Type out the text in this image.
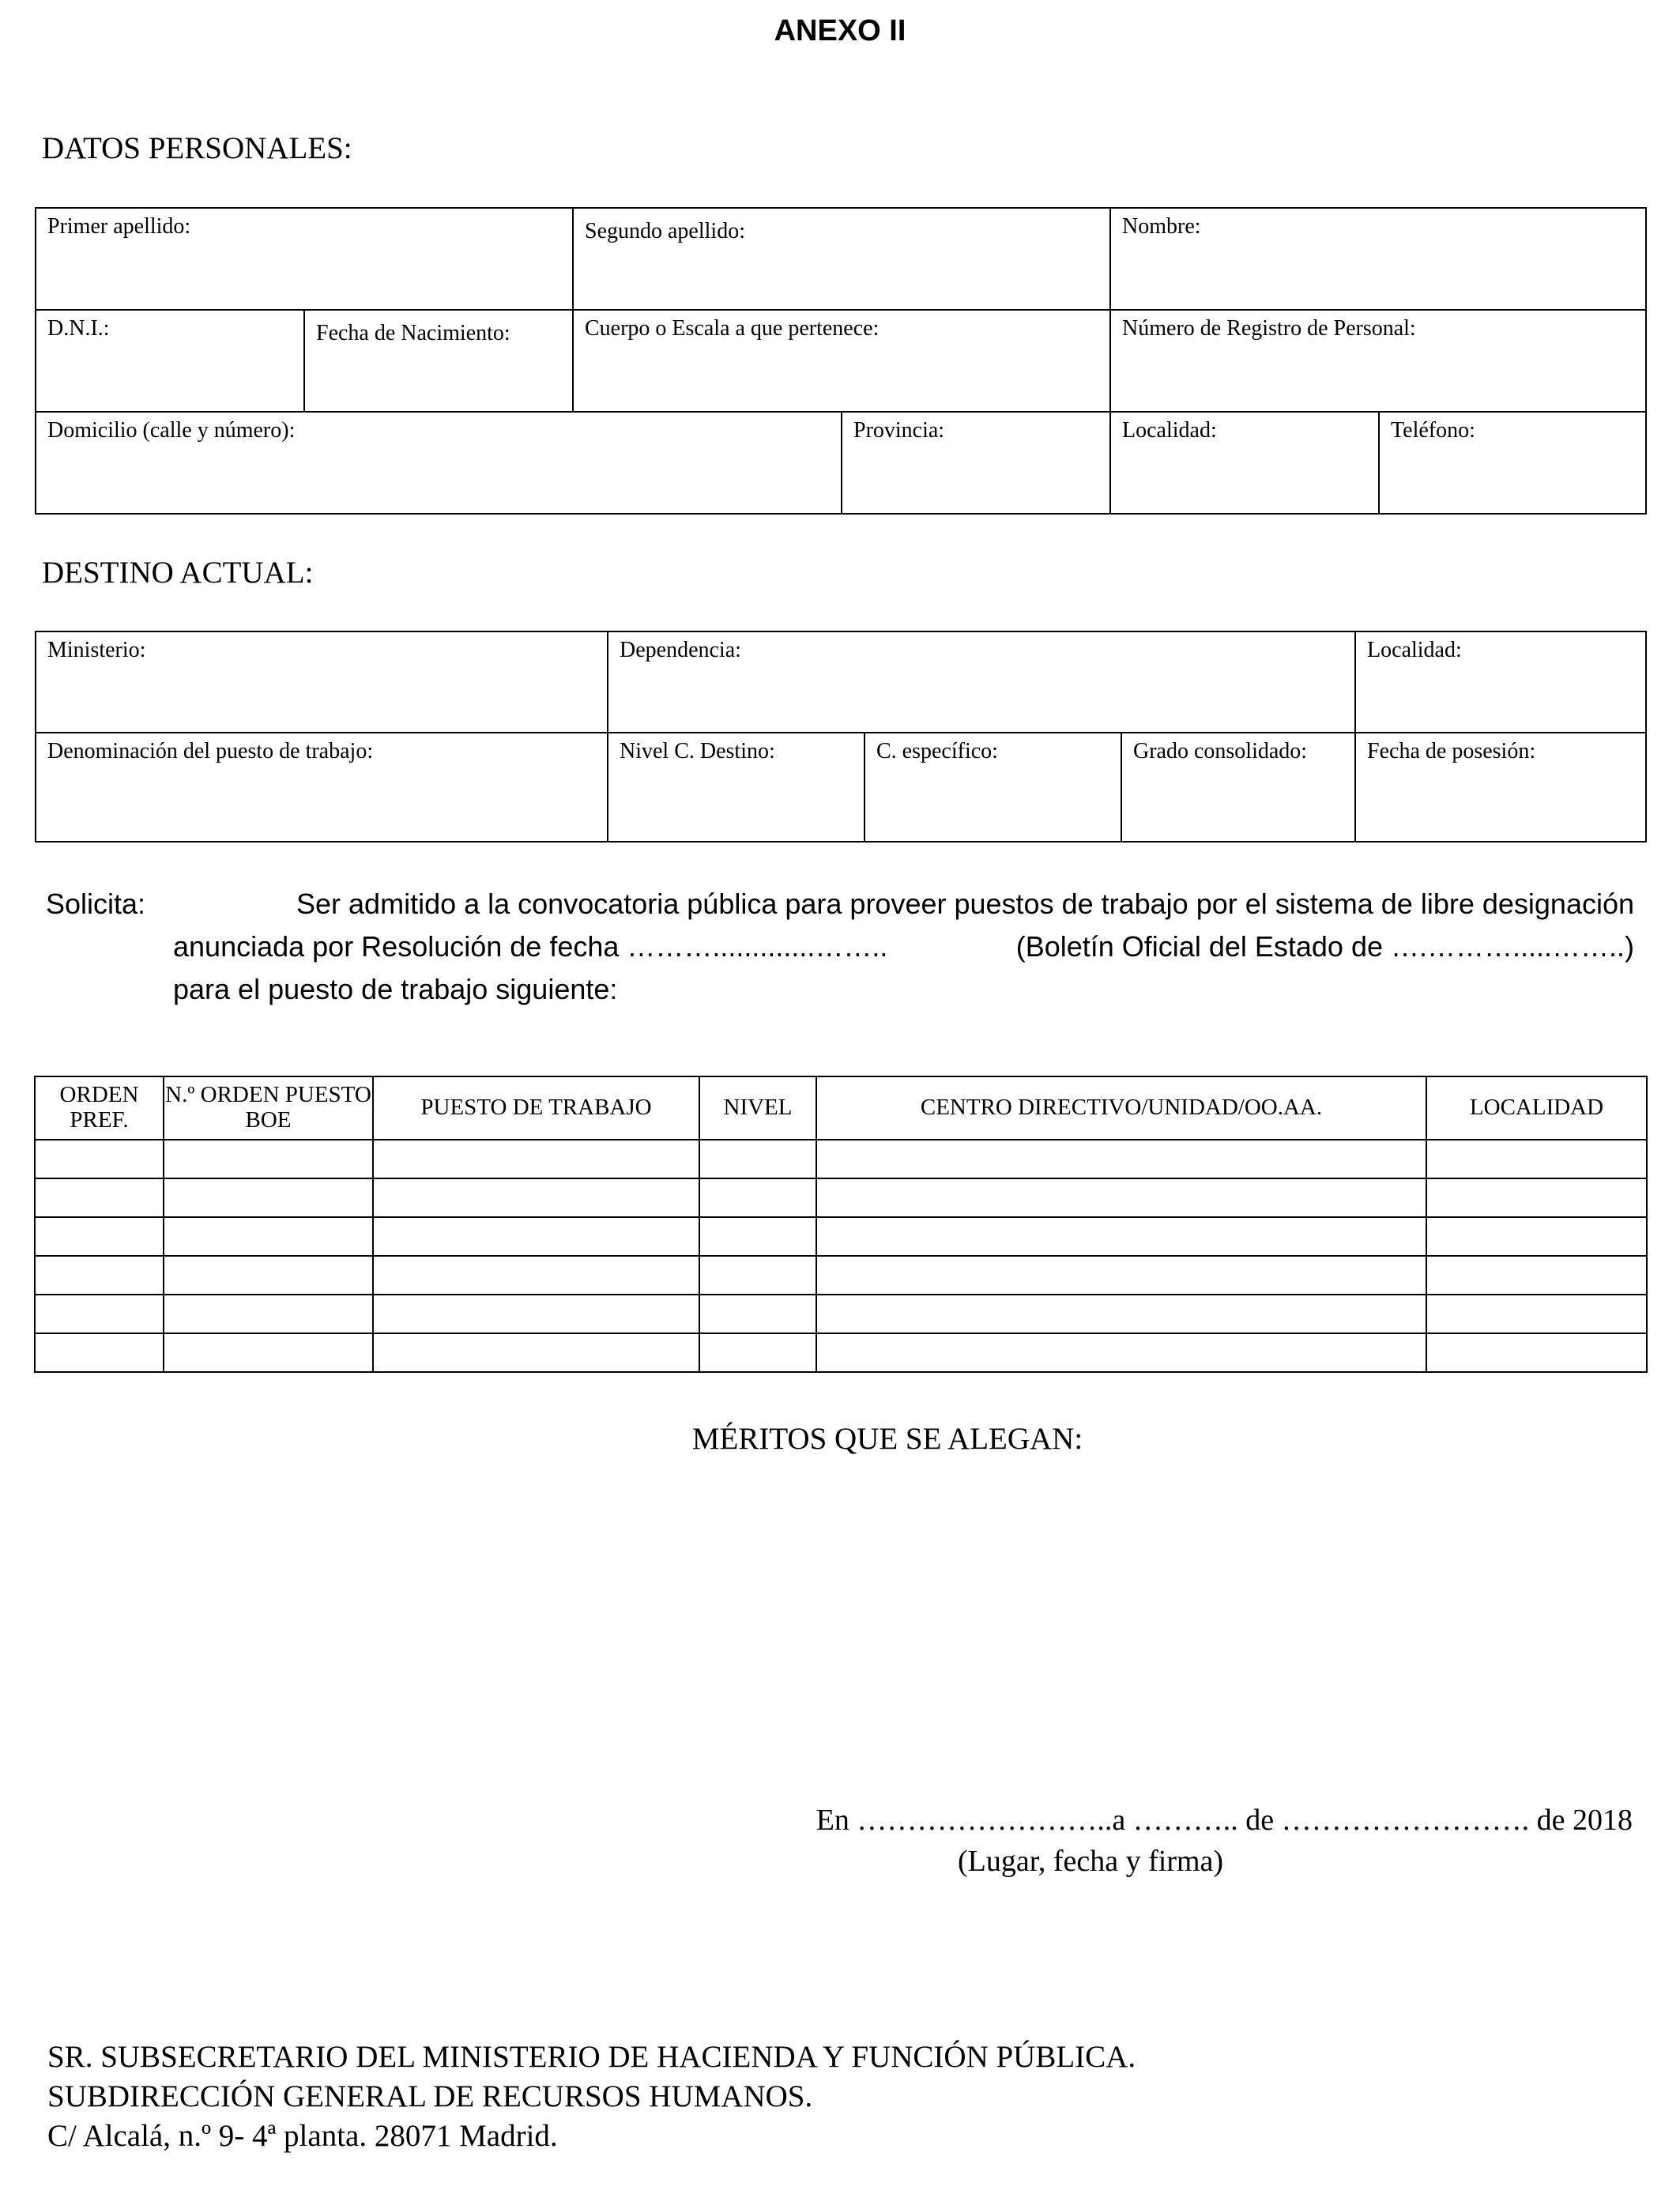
ANEXO II
DATOS PERSONALES:
Primer apellido:		Segundo apellido:		Nombre:	
D.N.I.:	Fecha de Nacimiento:	Cuerpo o Escala a que pertenece:		Número de Registro de Personal:	
Domicilio (calle y número):			Provincia:	Localidad:	Teléfono:
DESTINO ACTUAL:
Ministerio:	Dependencia:			Localidad:
Denominación del puesto de trabajo:	Nivel C. Destino:	C. específico:	Grado consolidado:	Fecha de posesión:
Solicita:	Ser admitido a la convocatoria pública para proveer puestos de trabajo por el sistema de libre designación
anunciada por Resolución de fecha ……….............……..	(Boletín Oficial del Estado de ….……….....……..)
para el puesto de trabajo siguiente:
ORDEN PREF.	N.º ORDEN PUESTO BOE	PUESTO DE TRABAJO	NIVEL	CENTRO DIRECTIVO/UNIDAD/OO.AA.	LOCALIDAD

MÉRITOS QUE SE ALEGAN:
En ……………………..a ……….. de ……………………. de 2018
(Lugar, fecha y firma)
SR. SUBSECRETARIO DEL MINISTERIO DE HACIENDA Y FUNCIÓN PÚBLICA.
SUBDIRECCIÓN GENERAL DE RECURSOS HUMANOS.
C/ Alcalá, n.º 9- 4ª planta. 28071 Madrid.
